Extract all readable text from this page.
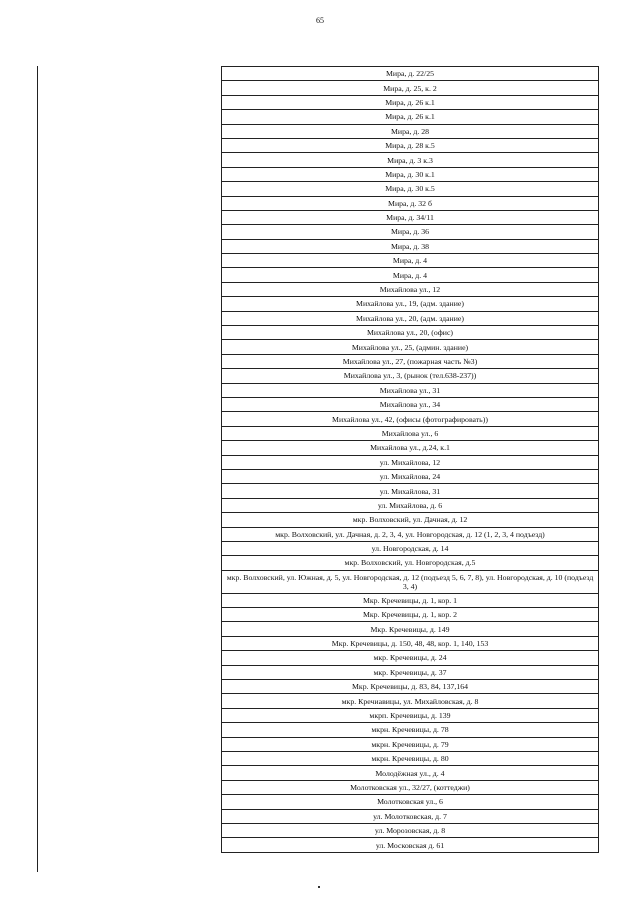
65
Мира, д. 22/25
Мира, д. 25, к. 2
Мира, д. 26 к.1
Мира, д. 26 к.1
Мира, д. 28
Мира, д. 28 к.5
Мира, д. 3 к.3
Мира, д. 30 к.1
Мира, д. 30 к.5
Мира, д. 32 б
Мира, д. 34/11
Мира, д. 36
Мира, д. 38
Мира, д. 4
Мира, д. 4
Михайлова ул., 12
Михайлова ул., 19, (адм. здание)
Михайлова ул., 20, (адм. здание)
Михайлова ул., 20, (офис)
Михайлова ул., 25, (админ. здание)
Михайлова ул., 27, (пожарная часть №3)
Михайлова ул., 3, (рынок (тел.638-237))
Михайлова ул., 31
Михайлова ул., 34
Михайлова ул., 42, (офисы (фотографировать))
Михайлова ул., 6
Михайлова ул., д.24, к.1
ул. Михайлова, 12
ул. Михайлова, 24
ул. Михайлова, 31
ул. Михайлова, д. 6
мкр. Волховский, ул. Дачная, д. 12
мкр. Волховский, ул. Дачная, д. 2, 3, 4, ул. Новгородская, д. 12 (1, 2, 3, 4 подъезд)
ул. Новгородская, д. 14
мкр. Волховский, ул. Новгородская, д.5
мкр. Волховский, ул. Южная, д. 5, ул. Новгородская, д. 12 (подъезд 5, 6, 7, 8), ул. Новгородская, д. 10 (подъезд 3, 4)
Мкр. Кречевицы, д. 1, кор. 1
Мкр. Кречевицы, д. 1, кор. 2
Мкр. Кречевицы, д. 149
Мкр. Кречевицы, д. 150, 48, 48, кор. 1, 140, 153
мкр. Кречевицы, д. 24
мкр. Кречевицы, д. 37
Мкр. Кречевицы, д. 83, 84, 137,164
мкр. Кречиавицы, ул. Михайловская, д. 8
мкрп. Кречевицы, д. 139
мкрн. Кречевицы, д. 78
мкрн. Кречевицы, д. 79
мкрн. Кречевицы, д. 80
Молодёжная ул., д. 4
Молотковская ул., 32/27, (коттеджи)
Молотковская ул., 6
ул. Молотковская, д. 7
ул. Морозовская, д. 8
ул. Московская д. 61
